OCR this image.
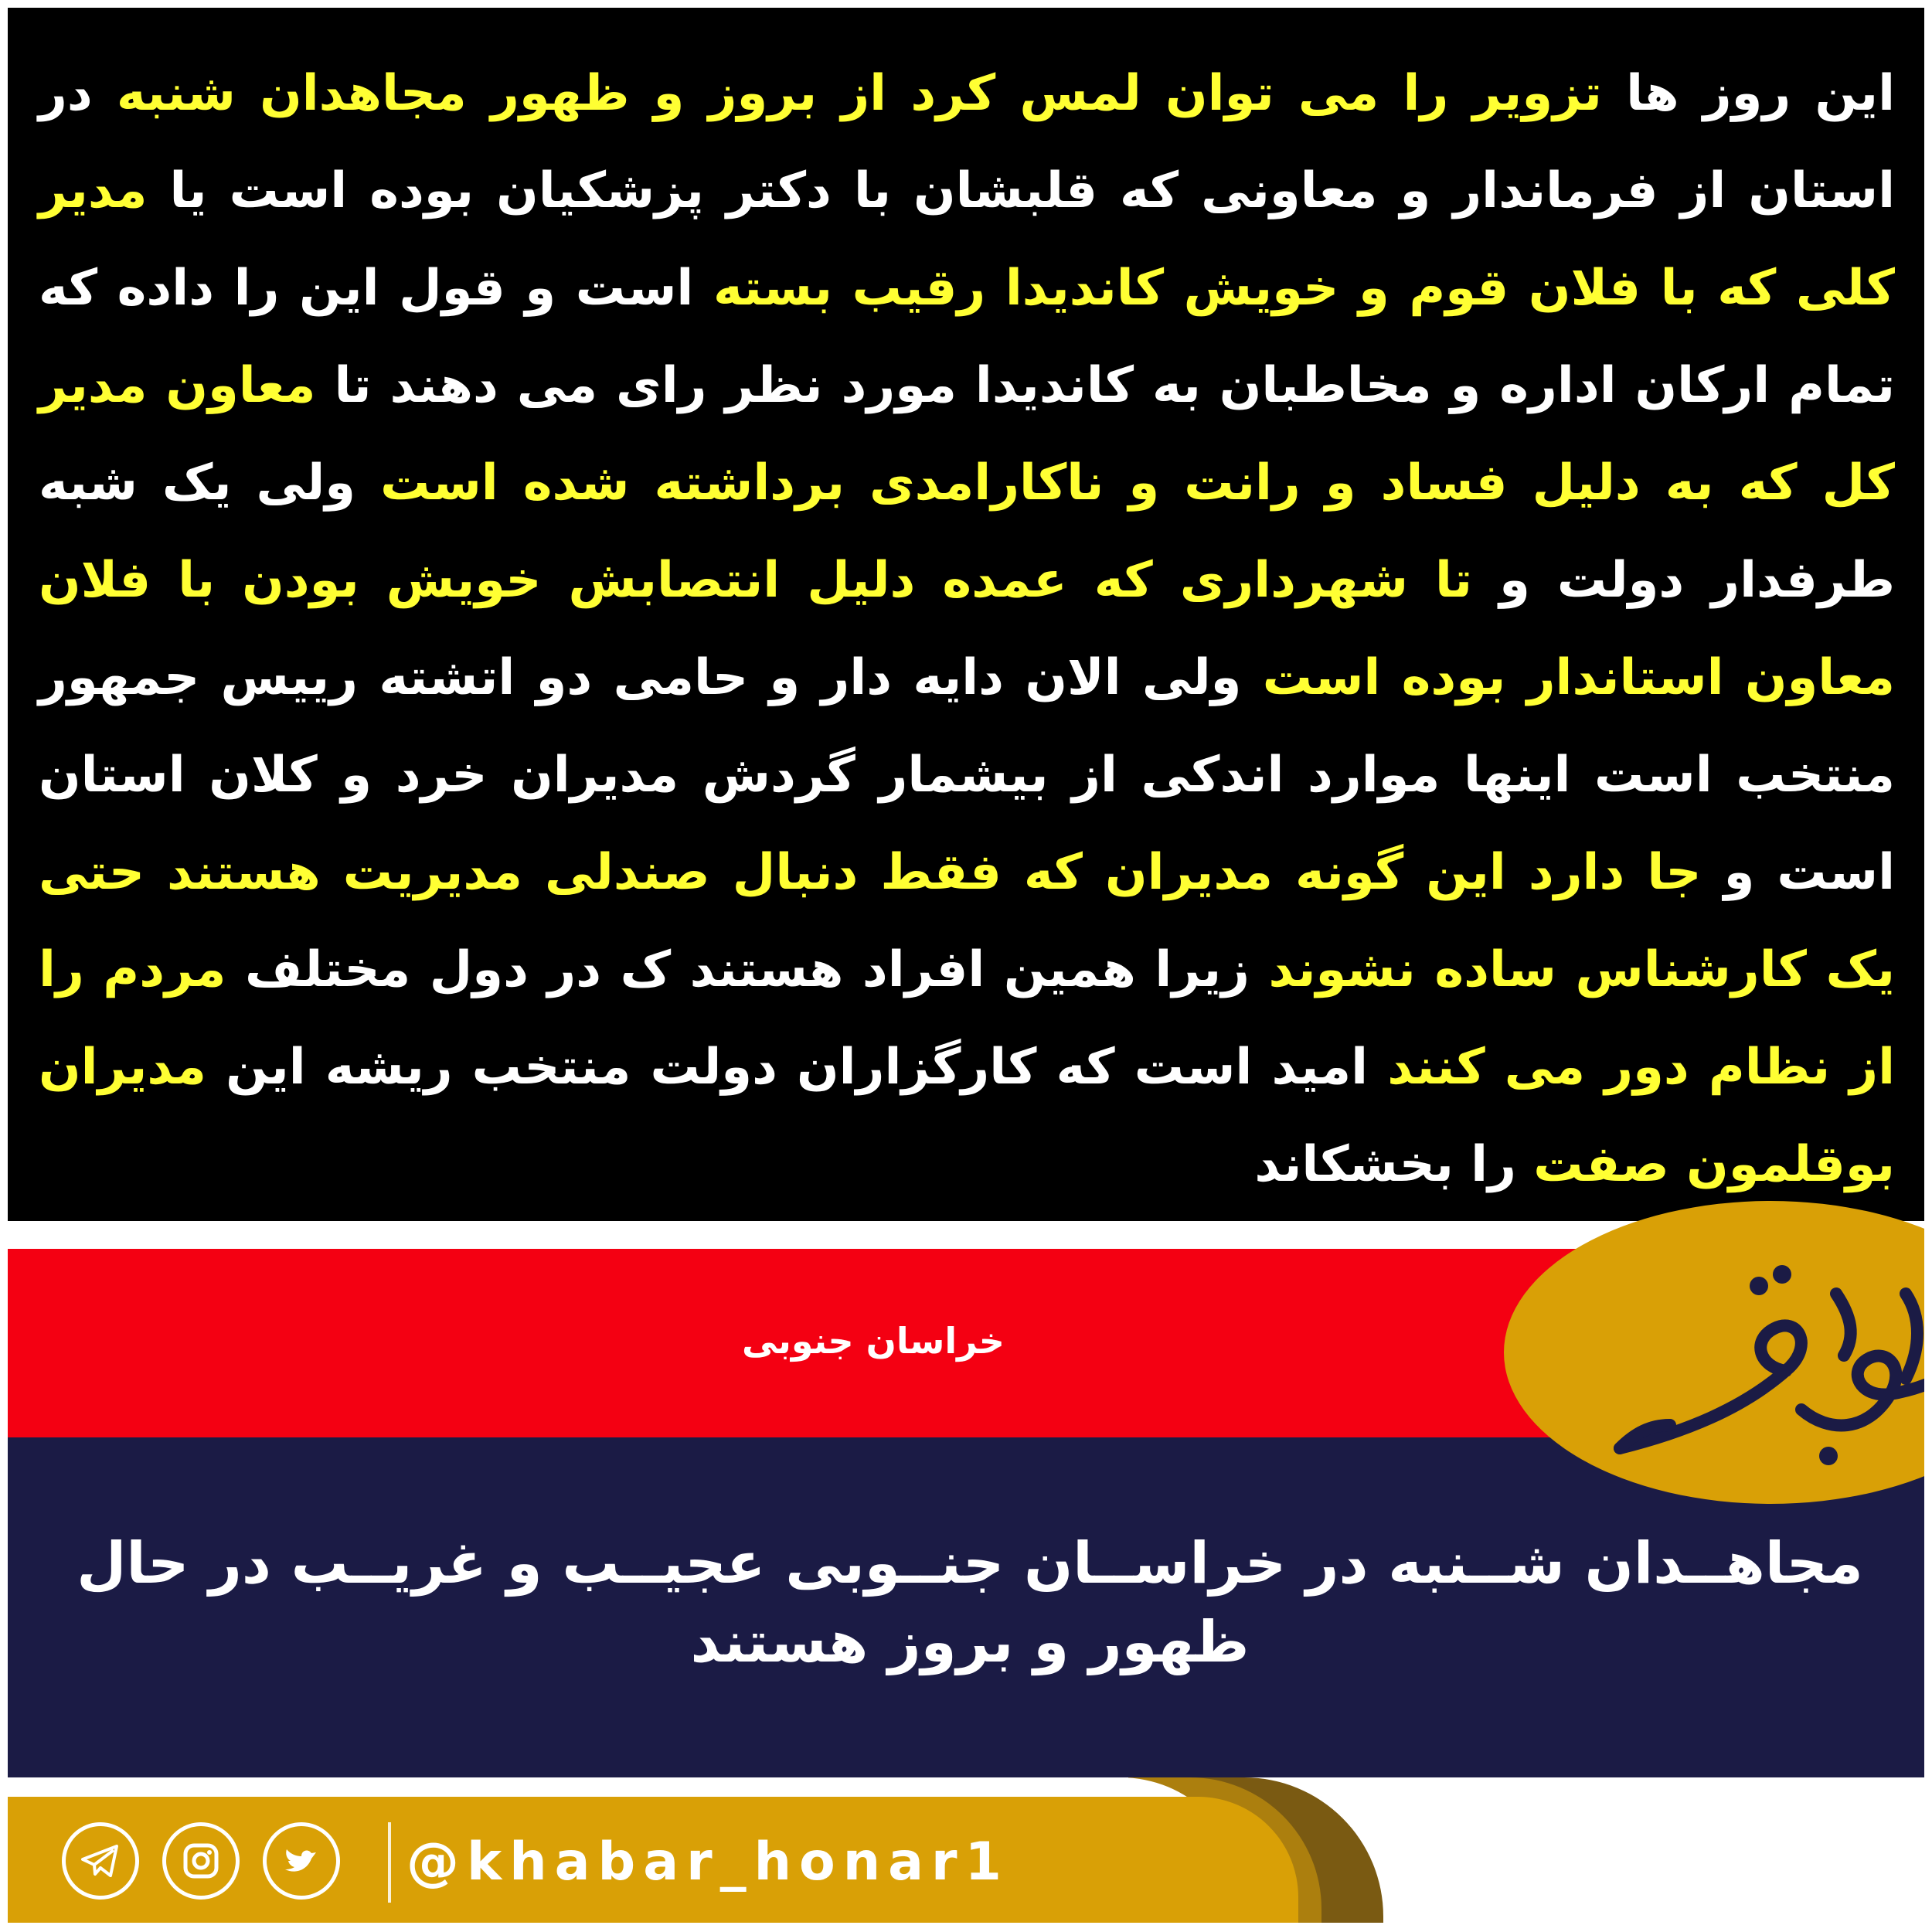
این روز ها تزویر را می توان لمس کرد از بروز و ظهور مجاهدان شنبه در استان از فرماندار و معاونی که قلبشان با دکتر پزشکیان بوده است یا مدیر کلی که با فلان قوم و خویش کاندیدا رقیب بسته است و قول این را داده که تمام ارکان اداره و مخاطبان به کاندیدا مورد نظر رای می دهند تا معاون مدیر کل که به دلیل فساد و رانت و ناکارامدی برداشته شده است ولی یک شبه طرفدار دولت و تا شهرداری که عمده دلیل انتصابش خویش بودن با فلان معاون استاندار بوده است ولی الان دایه دار و حامی دو اتشته رییس جمهور منتخب است اینها موارد اندکی از بیشمار گردش مدیران خرد و کلان استان است و جا دارد این گونه مدیران که فقط دنبال صندلی مدیریت هستند حتی یک کارشناس ساده نشوند زیرا همین افراد هستند ک در دول مختلف مردم را از نظام دور می کنند امید است که کارگزاران دولت منتخب ریشه این مدیران بوقلمون صفت را بخشکاند

خراسان جنوبی

مجاهــدان شــنبه در خراســان جنــوبی عجیــب و غریــب در حال ظهور و بروز هستند

@khabar_honar1
